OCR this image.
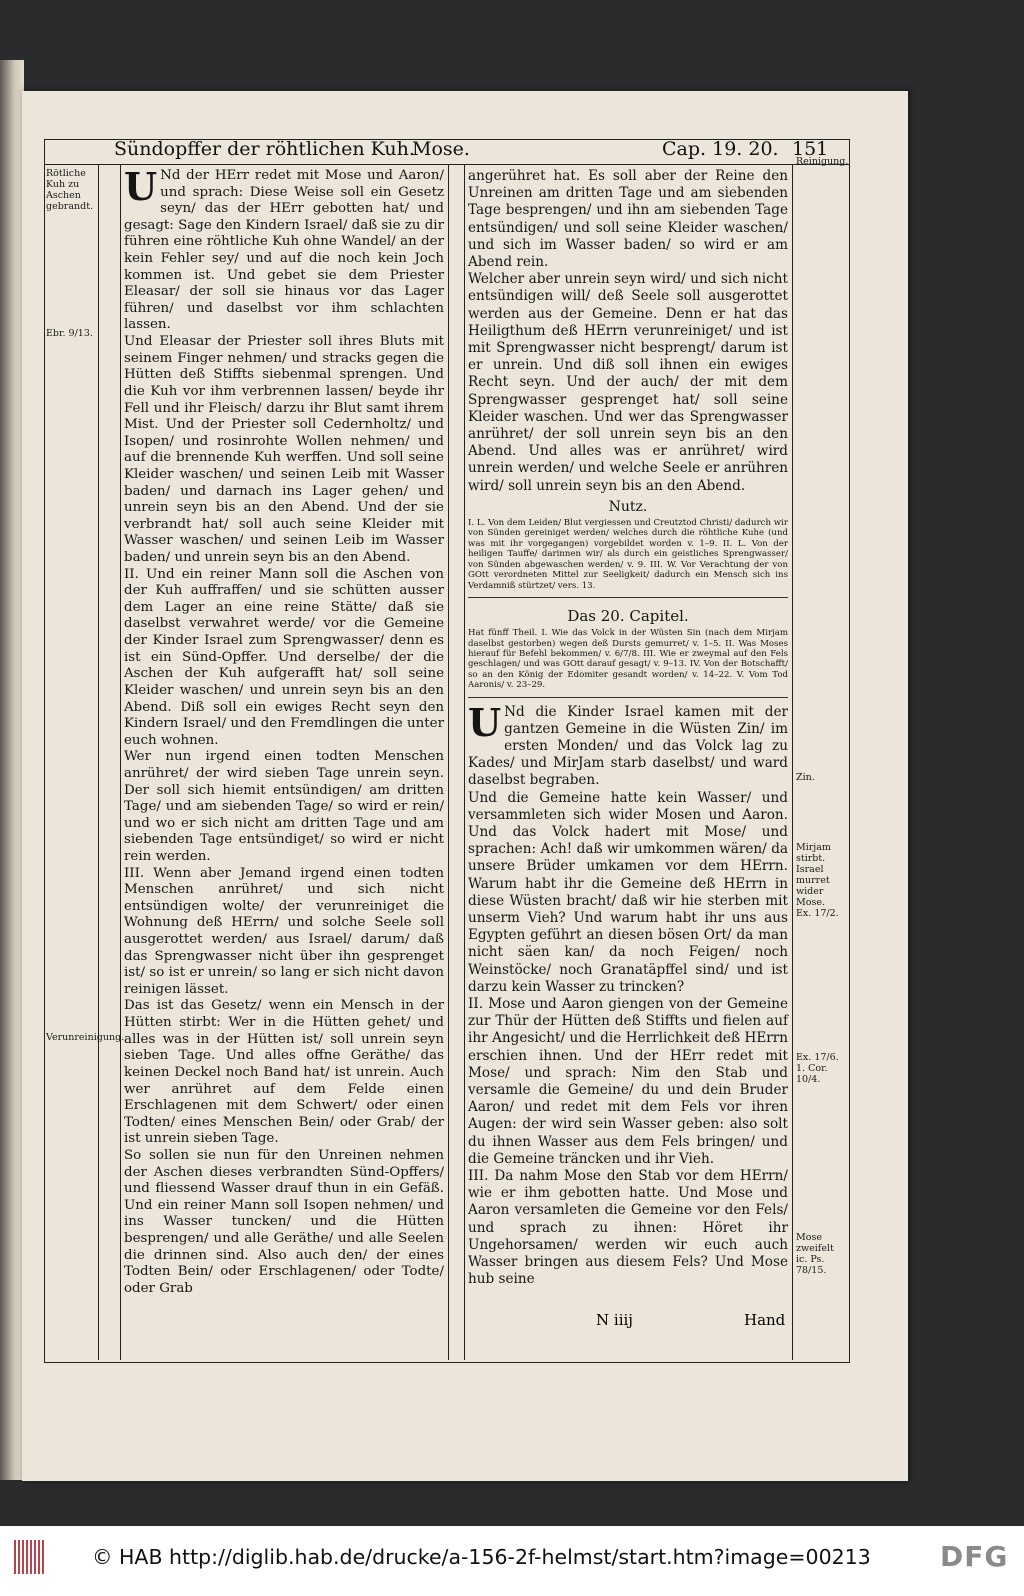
Sündopffer der röhtlichen Kuh.
Mose.	Cap. 19. 20. 151
Rötliche Kuh zu Aschen gebrandt.
Ebr. 9/13.
Verunreinigung.
Reinigung.
Zin.
Mirjam stirbt. Israel murret wider Mose. Ex. 17/2.
Ex. 17/6. 1. Cor. 10/4.
Mose zweifelt ic. Ps. 78/15.

U Nd der HErr redet mit Mose und Aaron/ und sprach: Diese Weise soll ein Gesetz seyn/ das der HErr gebotten hat/ und gesagt: Sage den Kindern Israel/ daß sie zu dir führen eine röhtliche Kuh ohne Wandel/ an der kein Fehler sey/ und auf die noch kein Joch kommen ist. Und gebet sie dem Priester Eleasar/ der soll sie hinaus vor das Lager führen/ und daselbst vor ihm schlachten lassen.

Und Eleasar der Priester soll ihres Bluts mit seinem Finger nehmen/ und stracks gegen die Hütten deß Stiffts siebenmal sprengen. Und die Kuh vor ihm verbrennen lassen/ beyde ihr Fell und ihr Fleisch/ darzu ihr Blut samt ihrem Mist. Und der Priester soll Cedernholtz/ und Isopen/ und rosinrohte Wollen nehmen/ und auf die brennende Kuh werffen. Und soll seine Kleider waschen/ und seinen Leib mit Wasser baden/ und darnach ins Lager gehen/ und unrein seyn bis an den Abend. Und der sie verbrandt hat/ soll auch seine Kleider mit Wasser waschen/ und seinen Leib im Wasser baden/ und unrein seyn bis an den Abend.

II. Und ein reiner Mann soll die Aschen von der Kuh auffraffen/ und sie schütten ausser dem Lager an eine reine Stätte/ daß sie daselbst verwahret werde/ vor die Gemeine der Kinder Israel zum Sprengwasser/ denn es ist ein Sünd-Opffer. Und derselbe/ der die Aschen der Kuh aufgerafft hat/ soll seine Kleider waschen/ und unrein seyn bis an den Abend. Diß soll ein ewiges Recht seyn den Kindern Israel/ und den Fremdlingen die unter euch wohnen.

Wer nun irgend einen todten Menschen anrühret/ der wird sieben Tage unrein seyn. Der soll sich hiemit entsündigen/ am dritten Tage/ und am siebenden Tage/ so wird er rein/ und wo er sich nicht am dritten Tage und am siebenden Tage entsündiget/ so wird er nicht rein werden.

III. Wenn aber Jemand irgend einen todten Menschen anrühret/ und sich nicht entsündigen wolte/ der verunreiniget die Wohnung deß HErrn/ und solche Seele soll ausgerottet werden/ aus Israel/ darum/ daß das Sprengwasser nicht über ihn gesprenget ist/ so ist er unrein/ so lang er sich nicht davon reinigen lässet.

Das ist das Gesetz/ wenn ein Mensch in der Hütten stirbt: Wer in die Hütten gehet/ und alles was in der Hütten ist/ soll unrein seyn sieben Tage. Und alles offne Geräthe/ das keinen Deckel noch Band hat/ ist unrein. Auch wer anrühret auf dem Felde einen Erschlagenen mit dem Schwert/ oder einen Todten/ eines Menschen Bein/ oder Grab/ der ist unrein sieben Tage.

So sollen sie nun für den Unreinen nehmen der Aschen dieses verbrandten Sünd-Opffers/ und fliessend Wasser drauf thun in ein Gefäß. Und ein reiner Mann soll Isopen nehmen/ und ins Wasser tuncken/ und die Hütten besprengen/ und alle Geräthe/ und alle Seelen die drinnen sind. Also auch den/ der eines Todten Bein/ oder Erschlagenen/ oder Todte/ oder Grab

angerühret hat. Es soll aber der Reine den Unreinen am dritten Tage und am siebenden Tage besprengen/ und ihn am siebenden Tage entsündigen/ und soll seine Kleider waschen/ und sich im Wasser baden/ so wird er am Abend rein.

Welcher aber unrein seyn wird/ und sich nicht entsündigen will/ deß Seele soll ausgerottet werden aus der Gemeine. Denn er hat das Heiligthum deß HErrn verunreiniget/ und ist mit Sprengwasser nicht besprengt/ darum ist er unrein. Und diß soll ihnen ein ewiges Recht seyn. Und der auch/ der mit dem Sprengwasser gesprenget hat/ soll seine Kleider waschen. Und wer das Sprengwasser anrühret/ der soll unrein seyn bis an den Abend. Und alles was er anrühret/ wird unrein werden/ und welche Seele er anrühren wird/ soll unrein seyn bis an den Abend.

Nutz.

I. L. Von dem Leiden/ Blut vergiessen und Creutztod Christi/ dadurch wir von Sünden gereiniget werden/ welches durch die röhtliche Kuhe (und was mit ihr vorgegangen) vorgebildet worden v. 1–9. II. L. Von der heiligen Tauffe/ darinnen wir/ als durch ein geistliches Sprengwasser/ von Sünden abgewaschen werden/ v. 9. III. W. Vor Verachtung der von GOtt verordneten Mittel zur Seeligkeit/ dadurch ein Mensch sich ins Verdamniß stürtzet/ vers. 13.

Das 20. Capitel.

Hat fünff Theil. I. Wie das Volck in der Wüsten Sin (nach dem Mirjam daselbst gestorben) wegen deß Dursts gemurret/ v. 1–5. II. Was Moses hierauf für Befehl bekommen/ v. 6/7/8. III. Wie er zweymal auf den Fels geschlagen/ und was GOtt darauf gesagt/ v. 9–13. IV. Von der Botschafft/ so an den König der Edomiter gesandt worden/ v. 14–22. V. Vom Tod Aaronis/ v. 23–29.

U Nd die Kinder Israel kamen mit der gantzen Gemeine in die Wüsten Zin/ im ersten Monden/ und das Volck lag zu Kades/ und MirJam starb daselbst/ und ward daselbst begraben.

Und die Gemeine hatte kein Wasser/ und versammleten sich wider Mosen und Aaron. Und das Volck hadert mit Mose/ und sprachen: Ach! daß wir umkommen wären/ da unsere Brüder umkamen vor dem HErrn. Warum habt ihr die Gemeine deß HErrn in diese Wüsten bracht/ daß wir hie sterben mit unserm Vieh? Und warum habt ihr uns aus Egypten geführt an diesen bösen Ort/ da man nicht säen kan/ da noch Feigen/ noch Weinstöcke/ noch Granatäpffel sind/ und ist darzu kein Wasser zu trincken?

II. Mose und Aaron giengen von der Gemeine zur Thür der Hütten deß Stiffts und fielen auf ihr Angesicht/ und die Herrlichkeit deß HErrn erschien ihnen. Und der HErr redet mit Mose/ und sprach: Nim den Stab und versamle die Gemeine/ du und dein Bruder Aaron/ und redet mit dem Fels vor ihren Augen: der wird sein Wasser geben: also solt du ihnen Wasser aus dem Fels bringen/ und die Gemeine träncken und ihr Vieh.

III. Da nahm Mose den Stab vor dem HErrn/ wie er ihm gebotten hatte. Und Mose und Aaron versamleten die Gemeine vor den Fels/ und sprach zu ihnen: Höret ihr Ungehorsamen/ werden wir euch auch Wasser bringen aus diesem Fels? Und Mose hub seine

N iiij	Hand
© HAB http://diglib.hab.de/drucke/a-156-2f-helmst/start.htm?image=00213 DFG
